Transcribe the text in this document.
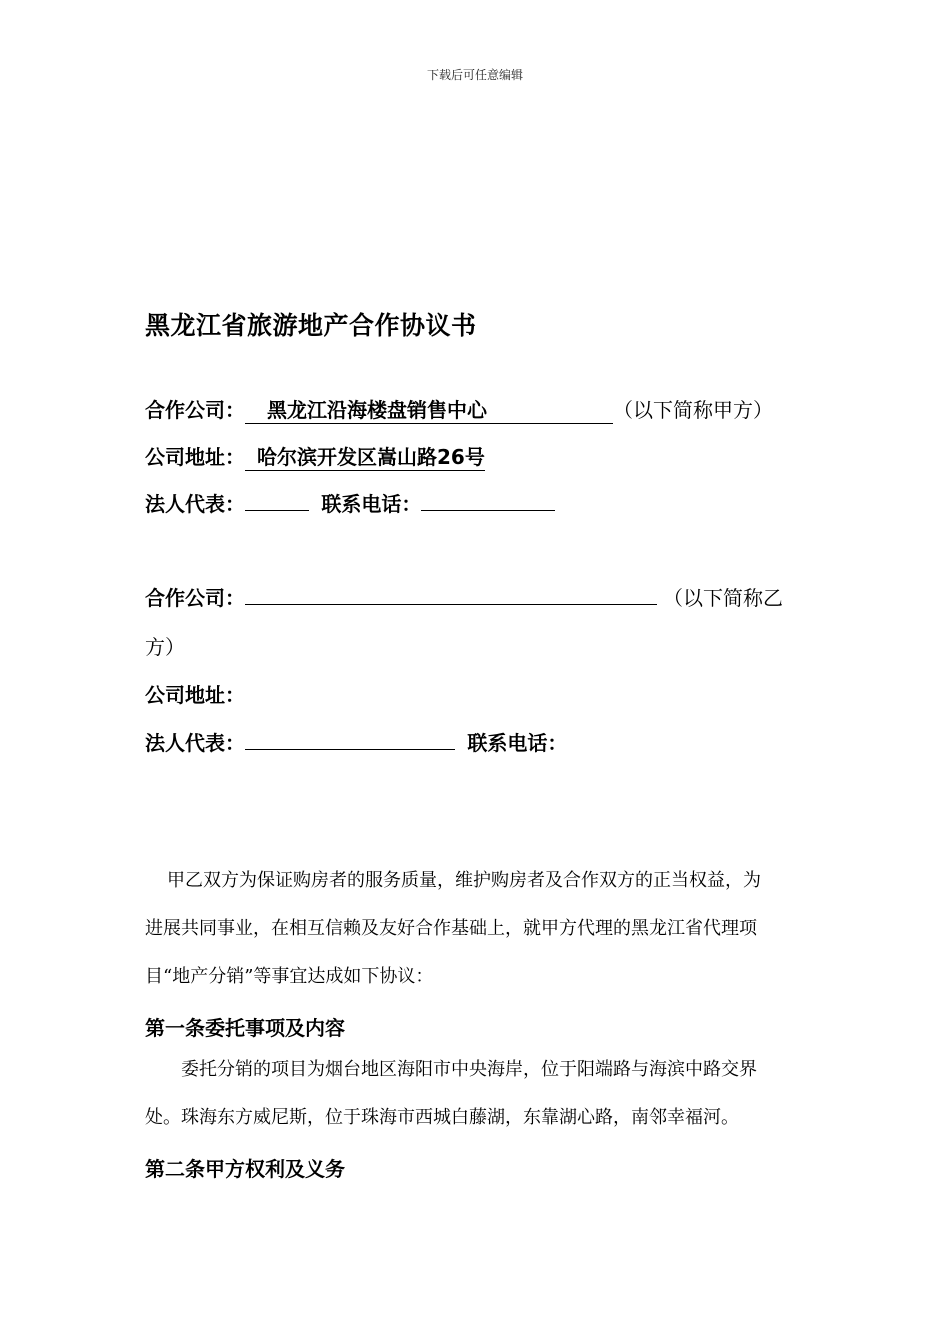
下载后可任意编辑
黑龙江省旅游地产合作协议书
合作公司： 黑龙江沿海楼盘销售中心	（以下简称甲方）
公司地址： 哈尔滨开发区嵩山路26号
法人代表：	联系电话：
合作公司：	（以下简称乙
方）
公司地址：
法人代表：	联系电话：
甲乙双方为保证购房者的服务质量，维护购房者及合作双方的正当权益，为
进展共同事业，在相互信赖及友好合作基础上，就甲方代理的黑龙江省代理项
目“地产分销”等事宜达成如下协议：
第一条委托事项及内容
委托分销的项目为烟台地区海阳市中央海岸，位于阳端路与海滨中路交界
处。珠海东方威尼斯，位于珠海市西城白藤湖，东靠湖心路，南邻幸福河。
第二条甲方权利及义务
